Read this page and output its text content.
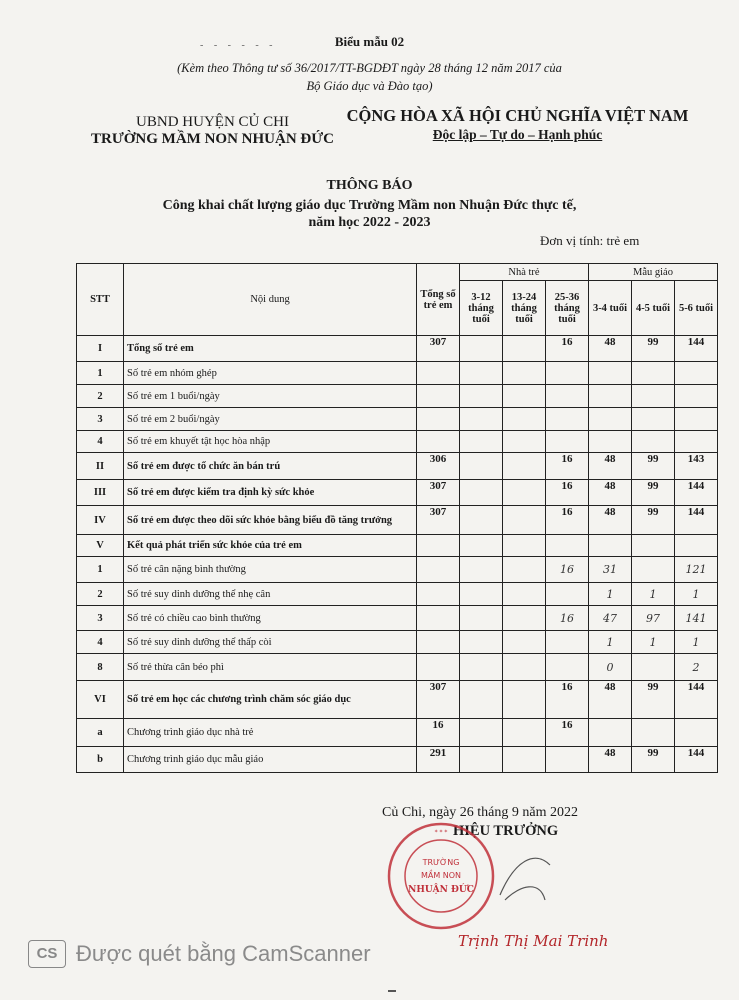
- - - - - -	Biểu mẫu 02
(Kèm theo Thông tư số 36/2017/TT-BGDĐT ngày 28 tháng 12 năm 2017 của
Bộ Giáo dục và Đào tạo)
UBND HUYỆN CỦ CHI
TRƯỜNG MẦM NON NHUẬN ĐỨC
CỘNG HÒA XÃ HỘI CHỦ NGHĨA VIỆT NAM
Độc lập – Tự do – Hạnh phúc
THÔNG BÁO
Công khai chất lượng giáo dục Trường Mầm non Nhuận Đức thực tế,
năm học 2022 - 2023
Đơn vị tính: trẻ em
STT	Nội dung	Tổng số trẻ em	Nhà trẻ			Mẫu giáo		
			3-12 tháng tuổi	13-24 tháng tuổi	25-36 tháng tuổi	3-4 tuổi	4-5 tuổi	5-6 tuổi
I	Tổng số trẻ em	307			16	48	99	144
1	Số trẻ em nhóm ghép							
2	Số trẻ em 1 buổi/ngày							
3	Số trẻ em 2 buổi/ngày							
4	Số trẻ em khuyết tật học hòa nhập							
II	Số trẻ em được tổ chức ăn bán trú	306			16	48	99	143
III	Số trẻ em được kiểm tra định kỳ sức khỏe	307			16	48	99	144
IV	Số trẻ em được theo dõi sức khỏe bằng biểu đồ tăng trưởng	307			16	48	99	144
V	Kết quả phát triển sức khỏe của trẻ em							
1	Số trẻ cân nặng bình thường				16	31		121
2	Số trẻ suy dinh dưỡng thể nhẹ cân					1	1	1
3	Số trẻ có chiều cao bình thường				16	47	97	141
4	Số trẻ suy dinh dưỡng thể thấp còi					1	1	1
8	Số trẻ thừa cân béo phì					0		2
VI	Số trẻ em học các chương trình chăm sóc giáo dục	307			16	48	99	144
a	Chương trình giáo dục nhà trẻ	16			16			
b	Chương trình giáo dục mẫu giáo	291				48	99	144
Củ Chi, ngày 26 tháng 9 năm 2022
HIỆU TRƯỞNG
TRƯỜNG
MẦM NON
NHUẬN ĐỨC
* * *
Trịnh Thị Mai Trinh
CS Được quét bằng CamScanner
